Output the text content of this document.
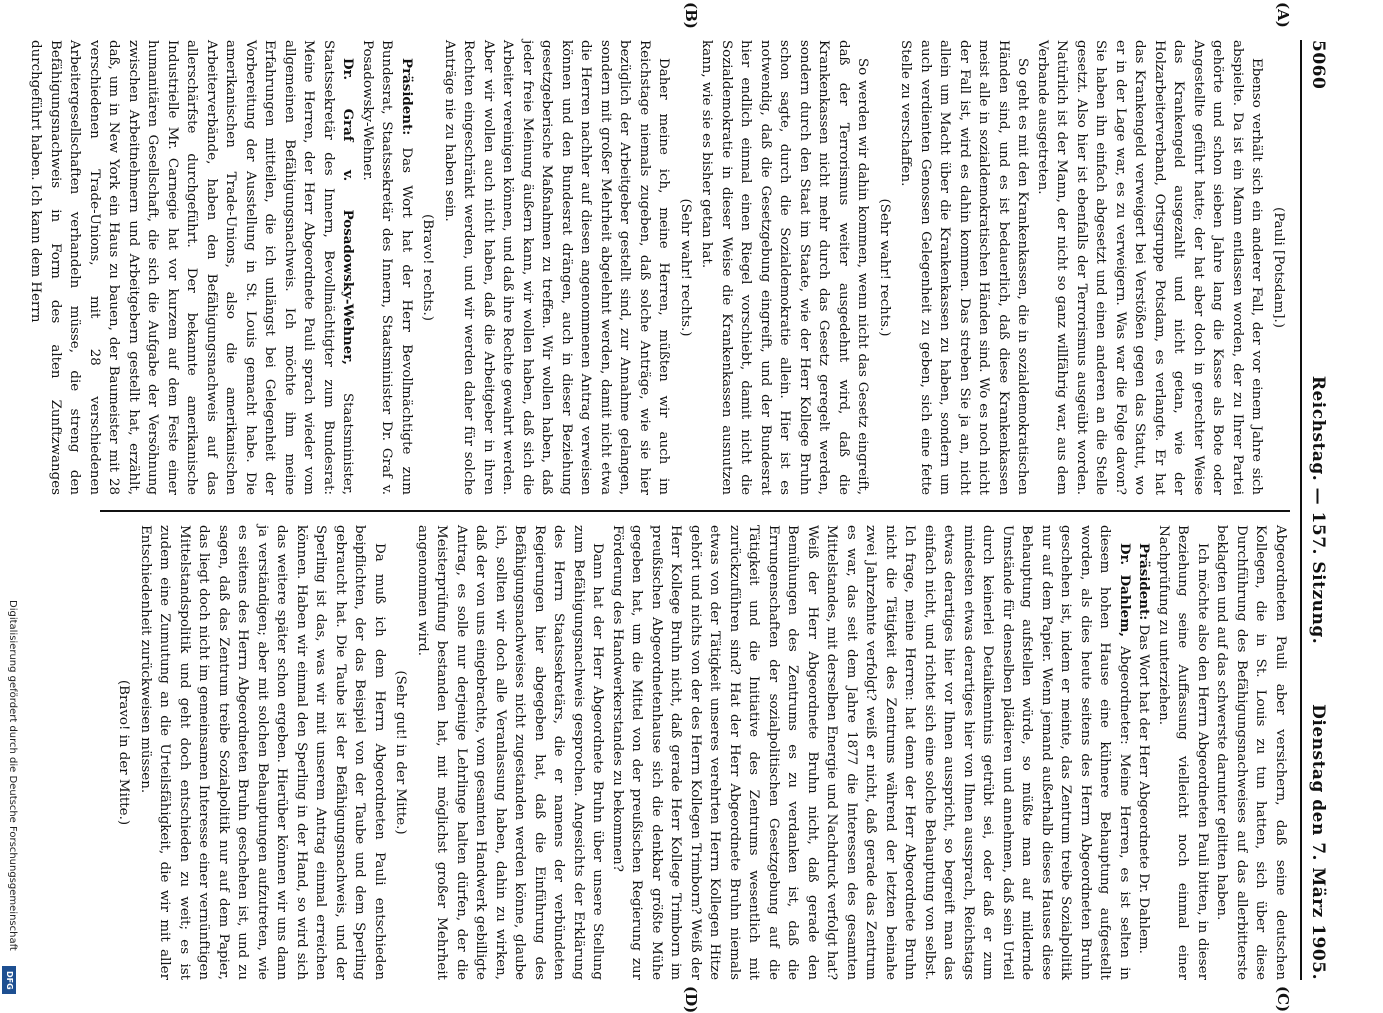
5060
Reichstag. — 157. Sitzung.
Dienstag den 7. März 1905.

(Pauli [Potsdam].)

Ebenso verhält sich ein anderer Fall, der vor einem Jahre sich abspielte. Da ist ein Mann entlassen worden, der zu Ihrer Partei gehörte und schon sieben Jahre lang die Kasse als Bote oder Angestellte geführt hatte; der hat aber doch in gerechter Weise das Krankengeld ausgezahlt und nicht getan, wie der Holzarbeiterverband, Ortsgruppe Potsdam, es verlangte. Er hat das Krankengeld verweigert bei Verstößen gegen das Statut, wo er in der Lage war, es zu verweigern. Was war die Folge davon? Sie haben ihn einfach abgesetzt und einen anderen an die Stelle gesetzt. Also hier ist ebenfalls der Terrorismus ausgeübt worden. Natürlich ist der Mann, der nicht so ganz willfährig war, aus dem Verbande ausgetreten.

So geht es mit den Krankenkassen, die in sozialdemokratischen Händen sind, und es ist bedauerlich, daß diese Krankenkassen meist alle in sozialdemokratischen Händen sind. Wo es noch nicht der Fall ist, wird es dahin kommen. Das streben Sie ja an, nicht allein um Macht über die Krankenkassen zu haben, sondern um auch verdienten Genossen Gelegenheit zu geben, sich eine fette Stelle zu verschaffen.

(Sehr wahr! rechts.)

So werden wir dahin kommen, wenn nicht das Gesetz eingreift, daß der Terrorismus weiter ausgedehnt wird, daß die Krankenkassen nicht mehr durch das Gesetz geregelt werden, sondern durch den Staat im Staate, wie der Herr Kollege Bruhn schon sagte, durch die Sozialdemokratie allein. Hier ist es notwendig, daß die Gesetzgebung eingreift, und der Bundesrat hier endlich einmal einen Riegel vorschiebt, damit nicht die Sozialdemokratie in dieser Weise die Krankenkassen ausnutzen kann, wie sie es bisher getan hat.

(Sehr wahr! rechts.)

Daher meine ich, meine Herren, müßten wir auch im Reichstage niemals zugeben, daß solche Anträge, wie sie hier bezüglich der Arbeitgeber gestellt sind, zur Annahme gelangen, sondern mit großer Mehrheit abgelehnt werden, damit nicht etwa die Herren nachher auf diesen angenommenen Antrag verweisen können und den Bundesrat drängen, auch in dieser Beziehung gesetzgeberische Maßnahmen zu treffen. Wir wollen haben, daß jeder freie Meinung äußern kann, wir wollen haben, daß sich die Arbeiter vereinigen können, und daß ihre Rechte gewahrt werden. Aber wir wollen auch nicht haben, daß die Arbeitgeber in ihren Rechten eingeschränkt werden, und wir werden daher für solche Anträge nie zu haben sein.

(Bravo! rechts.)

Präsident: Das Wort hat der Herr Bevollmächtigte zum Bundesrat, Staatssekretär des Innern, Staatsminister Dr. Graf v. Posadowsky-Wehner.

Dr. Graf v. Posadowsky-Wehner, Staatsminister, Staatssekretär des Innern, Bevollmächtigter zum Bundesrat: Meine Herren, der Herr Abgeordnete Pauli sprach wieder vom allgemeinen Befähigungsnachweis. Ich möchte ihm meine Erfahrungen mitteilen, die ich unlängst bei Gelegenheit der Vorbereitung der Ausstellung in St. Louis gemacht habe. Die amerikanischen Trade-Unions, also die amerikanischen Arbeiterverbände, haben den Befähigungsnachweis auf das allerschärfste durchgeführt. Der bekannte amerikanische Industrielle Mr. Carnegie hat vor kurzem auf dem Feste einer humanitären Gesellschaft, die sich die Aufgabe der Versöhnung zwischen Arbeitnehmern und Arbeitgebern gestellt hat, erzählt, daß, um in New York ein Haus zu bauen, der Baumeister mit 28 verschiedenen Trade-Unions, mit 28 verschiedenen Arbeitergesellschaften verhandeln müsse, die streng den Befähigungsnachweis in Form des alten Zunftzwanges durchgeführt haben. Ich kann dem Herrn

Abgeordneten Pauli aber versichern, daß seine deutschen Kollegen, die in St. Louis zu tun hatten, sich über diese Durchführung des Befähigungsnachweises auf das allerbitterste beklagten und auf das schwerste darunter gelitten haben.

Ich möchte also den Herrn Abgeordneten Pauli bitten, in dieser Beziehung seine Auffassung vielleicht noch einmal einer Nachprüfung zu unterziehen.

Präsident: Das Wort hat der Herr Abgeordnete Dr. Dahlem.

Dr. Dahlem, Abgeordneter: Meine Herren, es ist selten in diesem hohen Hause eine kühnere Behauptung aufgestellt worden, als dies heute seitens des Herrn Abgeordneten Bruhn geschehen ist, indem er meinte, das Zentrum treibe Sozialpolitik nur auf dem Papier. Wenn jemand außerhalb dieses Hauses diese Behauptung aufstellen würde, so müßte man auf mildernde Umstände für denselben plädieren und annehmen, daß sein Urteil durch keinerlei Detailkenntnis getrübt sei, oder daß er zum mindesten etwas derartiges hier von Ihnen aussprach, Reichstags etwas derartiges hier vor Ihnen ausspricht, so begreift man das einfach nicht, und richtet sich eine solche Behauptung von selbst. Ich frage, meine Herren: hat denn der Herr Abgeordnete Bruhn nicht die Tätigkeit des Zentrums während der letzten beinahe zwei Jahrzehnte verfolgt? weiß er nicht, daß gerade das Zentrum es war, das seit dem Jahre 1877 die Interessen des gesamten Mittelstandes, mit derselben Energie und Nachdruck verfolgt hat? Weiß der Herr Abgeordnete Bruhn nicht, daß gerade den Bemühungen des Zentrums es zu verdanken ist, daß die Errungenschaften der sozialpolitischen Gesetzgebung auf die Tätigkeit und die Initiative des Zentrums wesentlich mit zurückzuführen sind? Hat der Herr Abgeordnete Bruhn niemals etwas von der Tätigkeit unseres verehrten Herrn Kollegen Hitze gehört und nichts von der des Herrn Kollegen Trimborn? Weiß der Herr Kollege Bruhn nicht, daß gerade Herr Kollege Trimborn im preußischen Abgeordnetenhause sich die denkbar größte Mühe gegeben hat, um die Mittel von der preußischen Regierung zur Förderung des Handwerkerstandes zu bekommen?

Dann hat der Herr Abgeordnete Bruhn über unsere Stellung zum Befähigungsnachweis gesprochen. Angesichts der Erklärung des Herrn Staatssekretärs, die er namens der verbündeten Regierungen hier abgegeben hat, daß die Einführung des Befähigungsnachweises nicht zugestanden werden könne, glaube ich, sollten wir doch alle Veranlassung haben, dahin zu wirken, daß der von uns eingebrachte, vom gesamten Handwerk gebilligte Antrag, es solle nur derjenige Lehrlinge halten dürfen, der die Meisterprüfung bestanden hat, mit möglichst großer Mehrheit angenommen wird.

(Sehr gut! in der Mitte.)

Da muß ich dem Herrn Abgeordneten Pauli entschieden beipflichten, der das Beispiel von der Taube und dem Sperling gebraucht hat. Die Taube ist der Befähigungsnachweis, und der Sperling ist das, was wir mit unserem Antrag einmal erreichen können. Haben wir einmal den Sperling in der Hand, so wird sich das weitere später schon ergeben. Hierüber können wir uns dann ja verständigen; aber mit solchen Behauptungen aufzutreten, wie es seitens des Herrn Abgeordneten Bruhn geschehen ist, und zu sagen, daß das Zentrum treibe Sozialpolitik nur auf dem Papier, das liegt doch nicht im gemeinsamen Interesse einer vernünftigen Mittelstandspolitik und geht doch entschieden zu weit; es ist zudem eine Zumutung an die Urteilsfähigkeit, die wir mit aller Entschiedenheit zurückweisen müssen.

(Bravo! in der Mitte.)

(A)
(B)
(C)
(D)
Digitalisierung gefördert durch die Deutsche Forschungsgemeinschaft
DFG
